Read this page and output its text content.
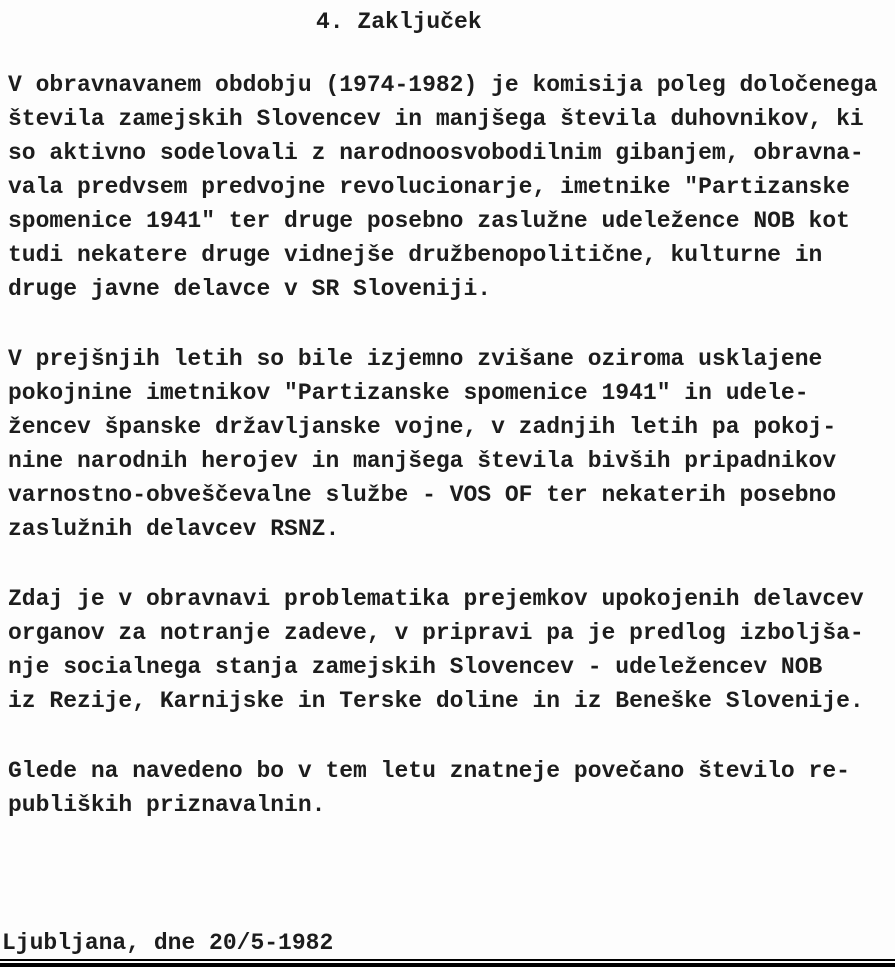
4. Zaključek
V obravnavanem obdobju (1974-1982) je komisija poleg določenega
števila zamejskih Slovencev in manjšega števila duhovnikov, ki
so aktivno sodelovali z narodnoosvobodilnim gibanjem, obravna-
vala predvsem predvojne revolucionarje, imetnike "Partizanske
spomenice 1941" ter druge posebno zaslužne udeležence NOB kot
tudi nekatere druge vidnejše družbenopolitične, kulturne in
druge javne delavce v SR Sloveniji.
V prejšnjih letih so bile izjemno zvišane oziroma usklajene
pokojnine imetnikov "Partizanske spomenice 1941" in udele-
žencev španske državljanske vojne, v zadnjih letih pa pokoj-
nine narodnih herojev in manjšega števila bivših pripadnikov
varnostno-obveščevalne službe - VOS OF ter nekaterih posebno
zaslužnih delavcev RSNZ.
Zdaj je v obravnavi problematika prejemkov upokojenih delavcev
organov za notranje zadeve, v pripravi pa je predlog izboljša-
nje socialnega stanja zamejskih Slovencev - udeležencev NOB
iz Rezije, Karnijske in Terske doline in iz Beneške Slovenije.
Glede na navedeno bo v tem letu znatneje povečano število re-
publiških priznavalnin.
Ljubljana, dne 20/5-1982
